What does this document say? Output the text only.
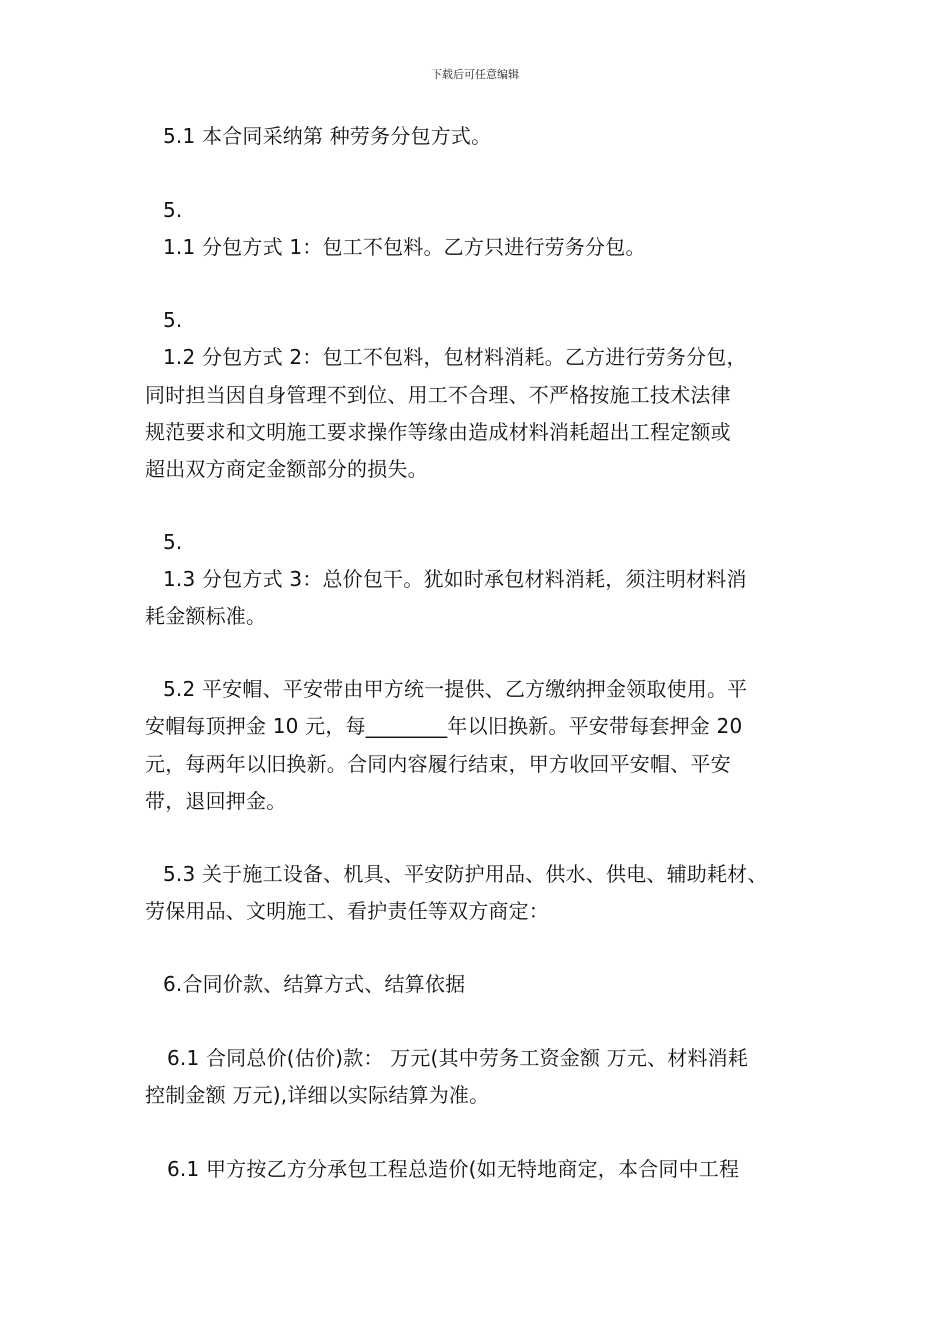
下载后可任意编辑
5.1 本合同采纳第 种劳务分包方式。
5.
1.1 分包方式 1：包工不包料。乙方只进行劳务分包。
5.
1.2 分包方式 2：包工不包料，包材料消耗。乙方进行劳务分包，
同时担当因自身管理不到位、用工不合理、不严格按施工技术法律
规范要求和文明施工要求操作等缘由造成材料消耗超出工程定额或
超出双方商定金额部分的损失。
5.
1.3 分包方式 3：总价包干。犹如时承包材料消耗，须注明材料消
耗金额标准。
5.2 平安帽、平安带由甲方统一提供、乙方缴纳押金领取使用。平
安帽每顶押金 10 元，每________年以旧换新。平安带每套押金 20
元，每两年以旧换新。合同内容履行结束，甲方收回平安帽、平安
带，退回押金。
5.3 关于施工设备、机具、平安防护用品、供水、供电、辅助耗材、
劳保用品、文明施工、看护责任等双方商定：
6.合同价款、结算方式、结算依据
6.1 合同总价(估价)款： 万元(其中劳务工资金额 万元、材料消耗
控制金额 万元),详细以实际结算为准。
6.1 甲方按乙方分承包工程总造价(如无特地商定，本合同中工程
